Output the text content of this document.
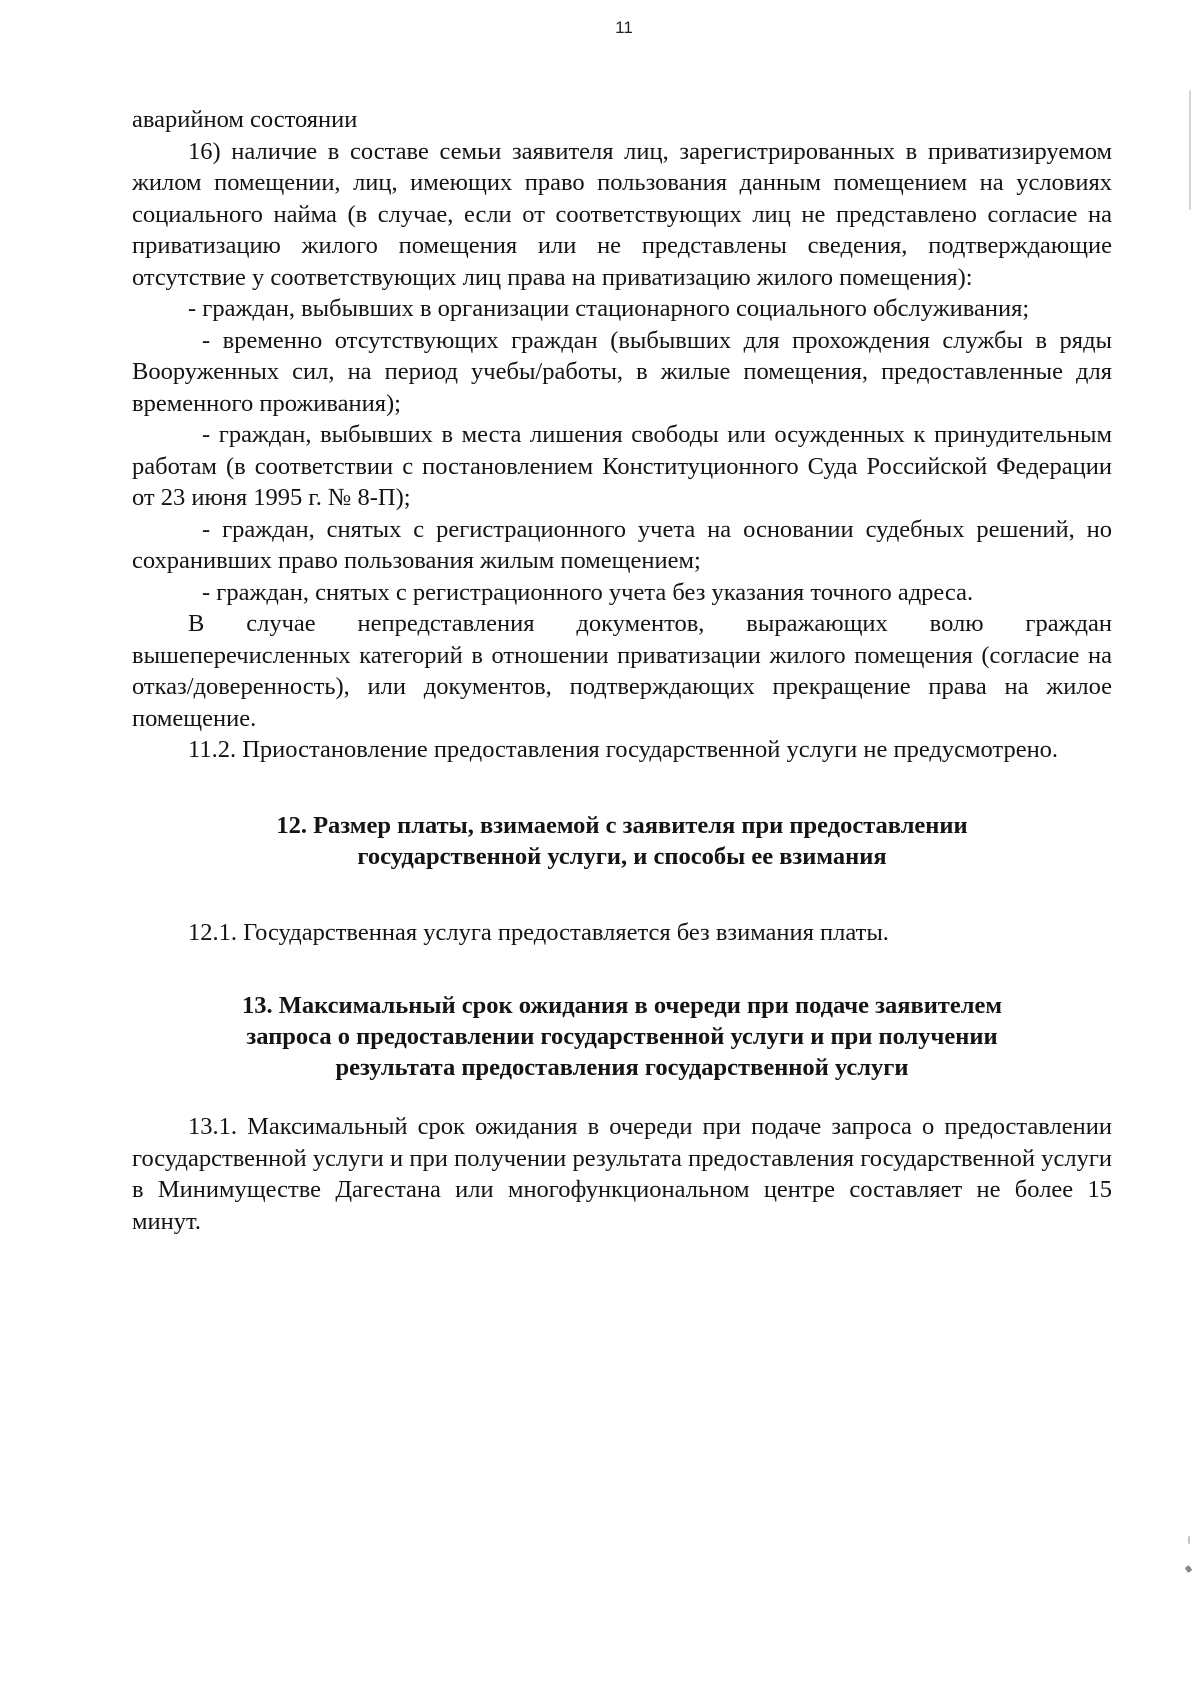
11

аварийном состоянии

16) наличие в составе семьи заявителя лиц, зарегистрированных в приватизируемом жилом помещении, лиц, имеющих право пользования данным помещением на условиях социального найма (в случае, если от соответствующих лиц не представлено согласие на приватизацию жилого помещения или не представлены сведения, подтверждающие отсутствие у соответствующих лиц права на приватизацию жилого помещения):

- граждан, выбывших в организации стационарного социального обслуживания;

- временно отсутствующих граждан (выбывших для прохождения службы в ряды Вооруженных сил, на период учебы/работы, в жилые помещения, предоставленные для временного проживания);

- граждан, выбывших в места лишения свободы или осужденных к принудительным работам (в соответствии с постановлением Конституционного Суда Российской Федерации от 23 июня 1995 г. № 8-П);

- граждан, снятых с регистрационного учета на основании судебных решений, но сохранивших право пользования жилым помещением;

- граждан, снятых с регистрационного учета без указания точного адреса.

В случае непредставления документов, выражающих волю граждан вышеперечисленных категорий в отношении приватизации жилого помещения (согласие на отказ/доверенность), или документов, подтверждающих прекращение права на жилое помещение.

11.2. Приостановление предоставления государственной услуги не предусмотрено.

12. Размер платы, взимаемой с заявителя при предоставлении

государственной услуги, и способы ее взимания

12.1. Государственная услуга предоставляется без взимания платы.

13. Максимальный срок ожидания в очереди при подаче заявителем

запроса о предоставлении государственной услуги и при получении

результата предоставления государственной услуги

13.1. Максимальный срок ожидания в очереди при подаче запроса о предоставлении государственной услуги и при получении результата предоставления государственной услуги в Минимуществе Дагестана или многофункциональном центре составляет не более 15 минут.
